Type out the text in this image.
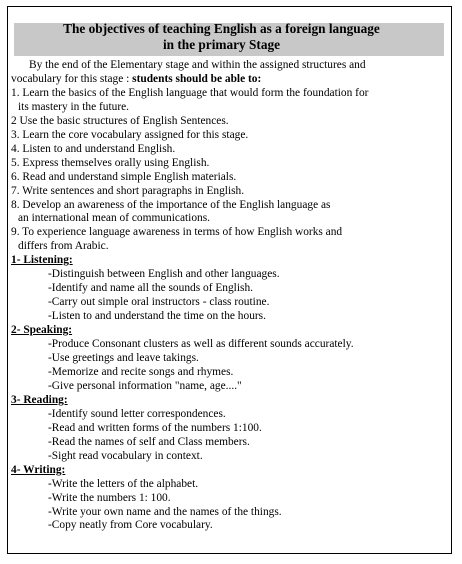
The objectives of teaching English as a foreign language
in the primary Stage

By the end of the Elementary stage and within the assigned structures and

vocabulary for this stage : students should be able to:

1. Learn the basics of the English language that would form the foundation for

its mastery in the future.

2 Use the basic structures of English Sentences.

3. Learn the core vocabulary assigned for this stage.

4. Listen to and understand English.

5. Express themselves orally using English.

6. Read and understand simple English materials.

7. Write sentences and short paragraphs in English.

8. Develop an awareness of the importance of the English language as

an international mean of communications.

9. To experience language awareness in terms of how English works and

differs from Arabic.

1- Listening:

-Distinguish between English and other languages.

-Identify and name all the sounds of English.

-Carry out simple oral instructors - class routine.

-Listen to and understand the time on the hours.

2- Speaking:

-Produce Consonant clusters as well as different sounds accurately.

-Use greetings and leave takings.

-Memorize and recite songs and rhymes.

-Give personal information "name, age...."

3- Reading:

-Identify sound letter correspondences.

-Read and written forms of the numbers 1:100.

-Read the names of self and Class members.

-Sight read vocabulary in context.

4- Writing:

-Write the letters of the alphabet.

-Write the numbers 1: 100.

-Write your own name and the names of the things.

-Copy neatly from Core vocabulary.
